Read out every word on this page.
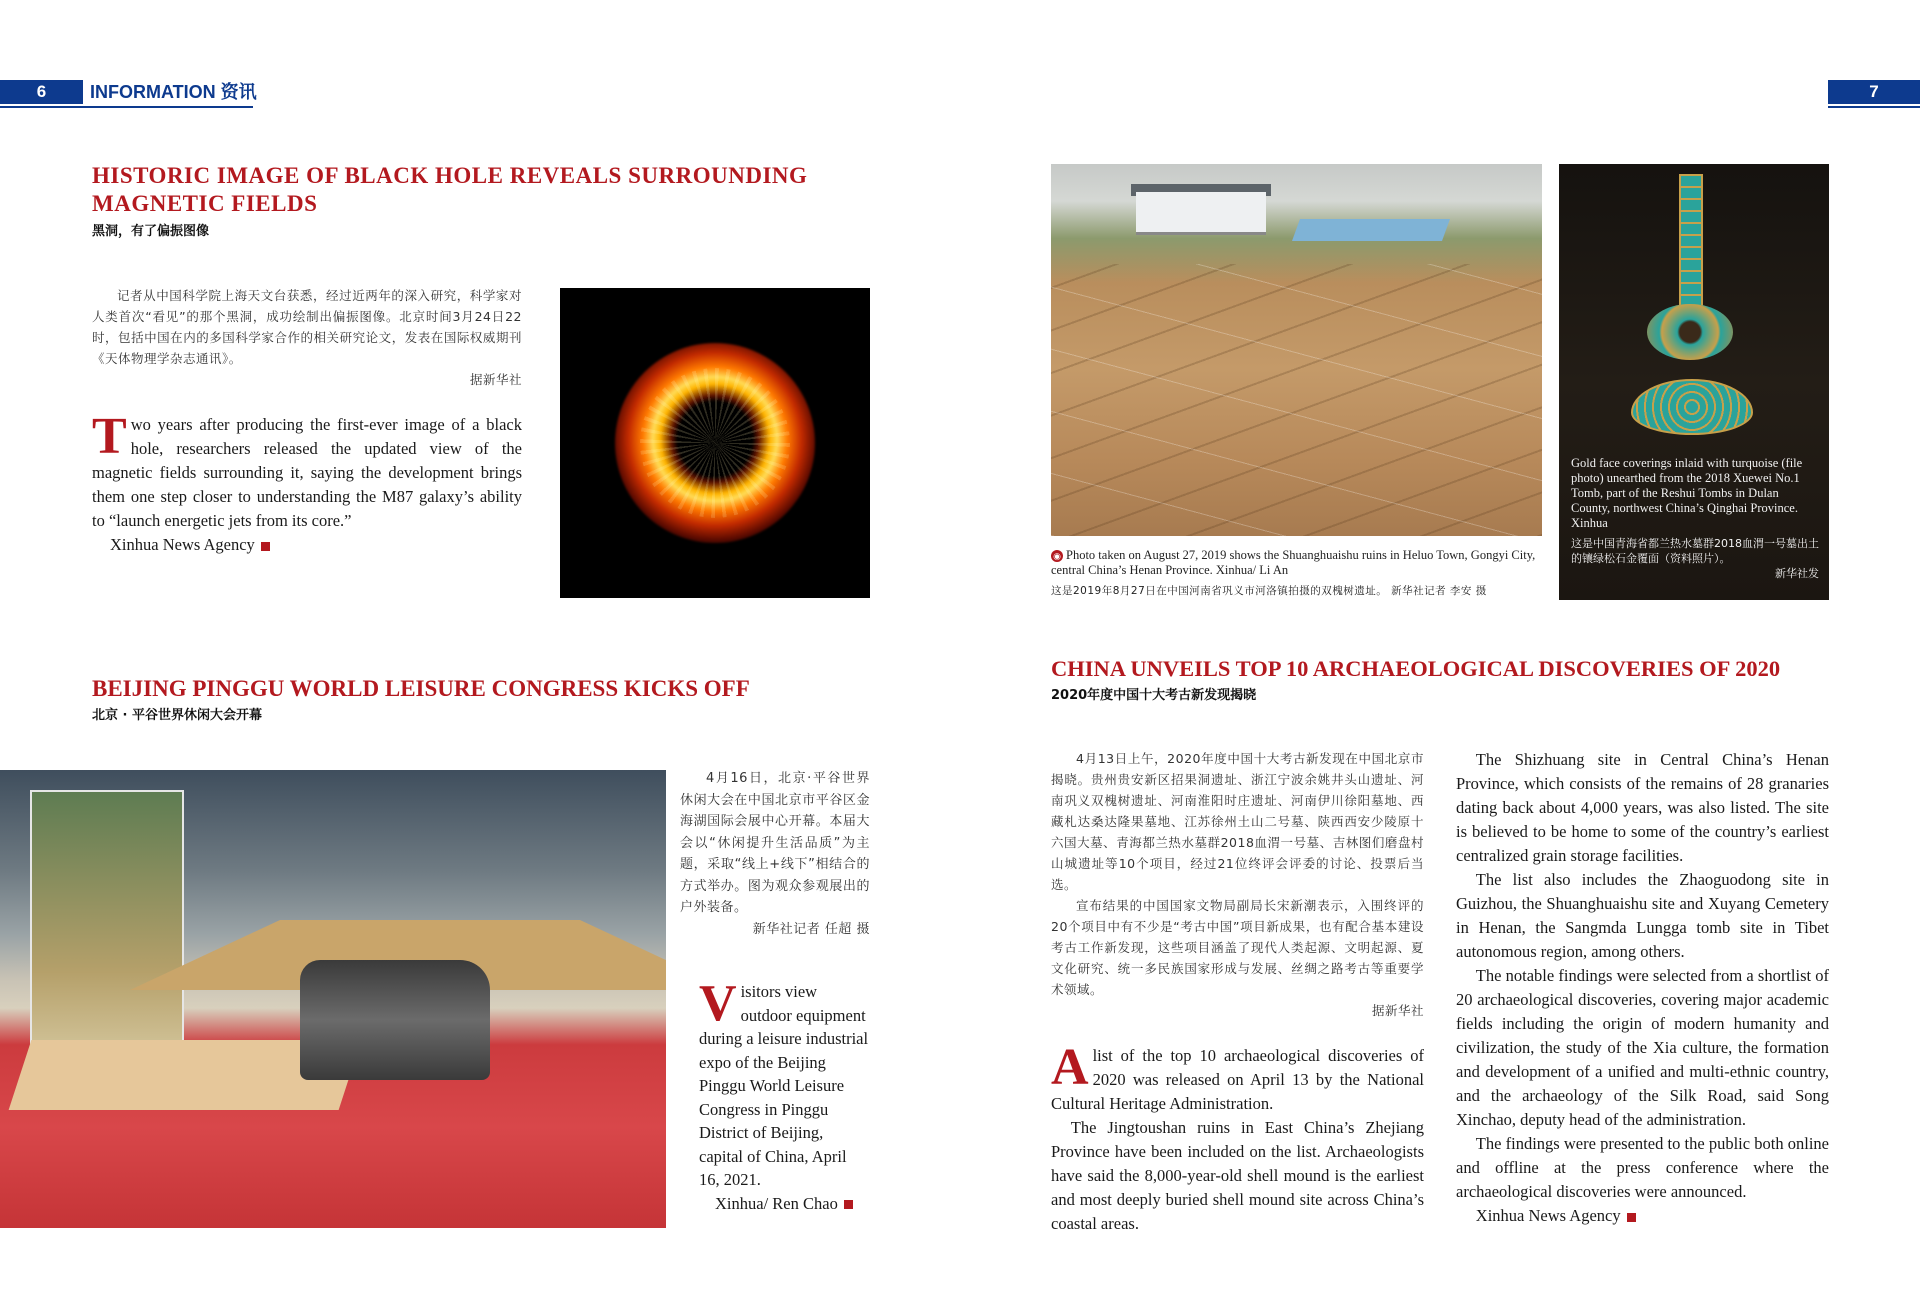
6	INFORMATION 资讯	7
HISTORIC IMAGE OF BLACK HOLE REVEALS SURROUNDING MAGNETIC FIELDS
黑洞，有了偏振图像

记者从中国科学院上海天文台获悉，经过近两年的深入研究，科学家对人类首次“看见”的那个黑洞，成功绘制出偏振图像。北京时间3月24日22时，包括中国在内的多国科学家合作的相关研究论文，发表在国际权威期刊《天体物理学杂志通讯》。

据新华社

T wo years after producing the first-ever image of a black hole, researchers released the updated view of the magnetic fields surrounding it, saying the development brings them one step closer to understanding the M87 galaxy’s ability to “launch energetic jets from its core.”
Xinhua News Agency
BEIJING PINGGU WORLD LEISURE CONGRESS KICKS OFF
北京 · 平谷世界休闲大会开幕

4月16日，北京·平谷世界休闲大会在中国北京市平谷区金海湖国际会展中心开幕。本届大会以“休闲提升生活品质”为主题，采取“线上+线下”相结合的方式举办。图为观众参观展出的户外装备。

新华社记者 任超 摄

V isitors view outdoor equipment during a leisure industrial expo of the Beijing Pinggu World Leisure Congress in Pinggu District of Beijing, capital of China, April 16, 2021.
Xinhua/ Ren Chao
◉ Photo taken on August 27, 2019 shows the Shuanghuaishu ruins in Heluo Town, Gongyi City, central China’s Henan Province. Xinhua/ Li An
这是2019年8月27日在中国河南省巩义市河洛镇拍摄的双槐树遗址。 新华社记者 李安 摄
Gold face coverings inlaid with turquoise (file photo) unearthed from the 2018 Xuewei No.1 Tomb, part of the Reshui Tombs in Dulan County, northwest China’s Qinghai Province. Xinhua
这是中国青海省都兰热水墓群2018血渭一号墓出土的镶绿松石金覆面（资料照片）。
新华社发
CHINA UNVEILS TOP 10 ARCHAEOLOGICAL DISCOVERIES OF 2020
2020年度中国十大考古新发现揭晓

4月13日上午，2020年度中国十大考古新发现在中国北京市揭晓。贵州贵安新区招果洞遗址、浙江宁波余姚井头山遗址、河南巩义双槐树遗址、河南淮阳时庄遗址、河南伊川徐阳墓地、西藏札达桑达隆果墓地、江苏徐州土山二号墓、陕西西安少陵原十六国大墓、青海都兰热水墓群2018血渭一号墓、吉林图们磨盘村山城遗址等10个项目，经过21位终评会评委的讨论、投票后当选。

宣布结果的中国国家文物局副局长宋新潮表示，入围终评的20个项目中有不少是“考古中国”项目新成果，也有配合基本建设考古工作新发现，这些项目涵盖了现代人类起源、文明起源、夏文化研究、统一多民族国家形成与发展、丝绸之路考古等重要学术领域。

据新华社

A list of the top 10 archaeological discoveries of 2020 was released on April 13 by the National Cultural Heritage Administration.

The Jingtoushan ruins in East China’s Zhejiang Province have been included on the list. Archaeologists have said the 8,000-year-old shell mound is the earliest and most deeply buried shell mound site across China’s coastal areas.

The Shizhuang site in Central China’s Henan Province, which consists of the remains of 28 granaries dating back about 4,000 years, was also listed. The site is believed to be home to some of the country’s earliest centralized grain storage facilities.

The list also includes the Zhaoguodong site in Guizhou, the Shuanghuaishu site and Xuyang Cemetery in Henan, the Sangmda Lungga tomb site in Tibet autonomous region, among others.

The notable findings were selected from a shortlist of 20 archaeological discoveries, covering major academic fields including the origin of modern humanity and civilization, the study of the Xia culture, the formation and development of a unified and multi-ethnic country, and the archaeology of the Silk Road, said Song Xinchao, deputy head of the administration.

The findings were presented to the public both online and offline at the press conference where the archaeological discoveries were announced.

Xinhua News Agency
